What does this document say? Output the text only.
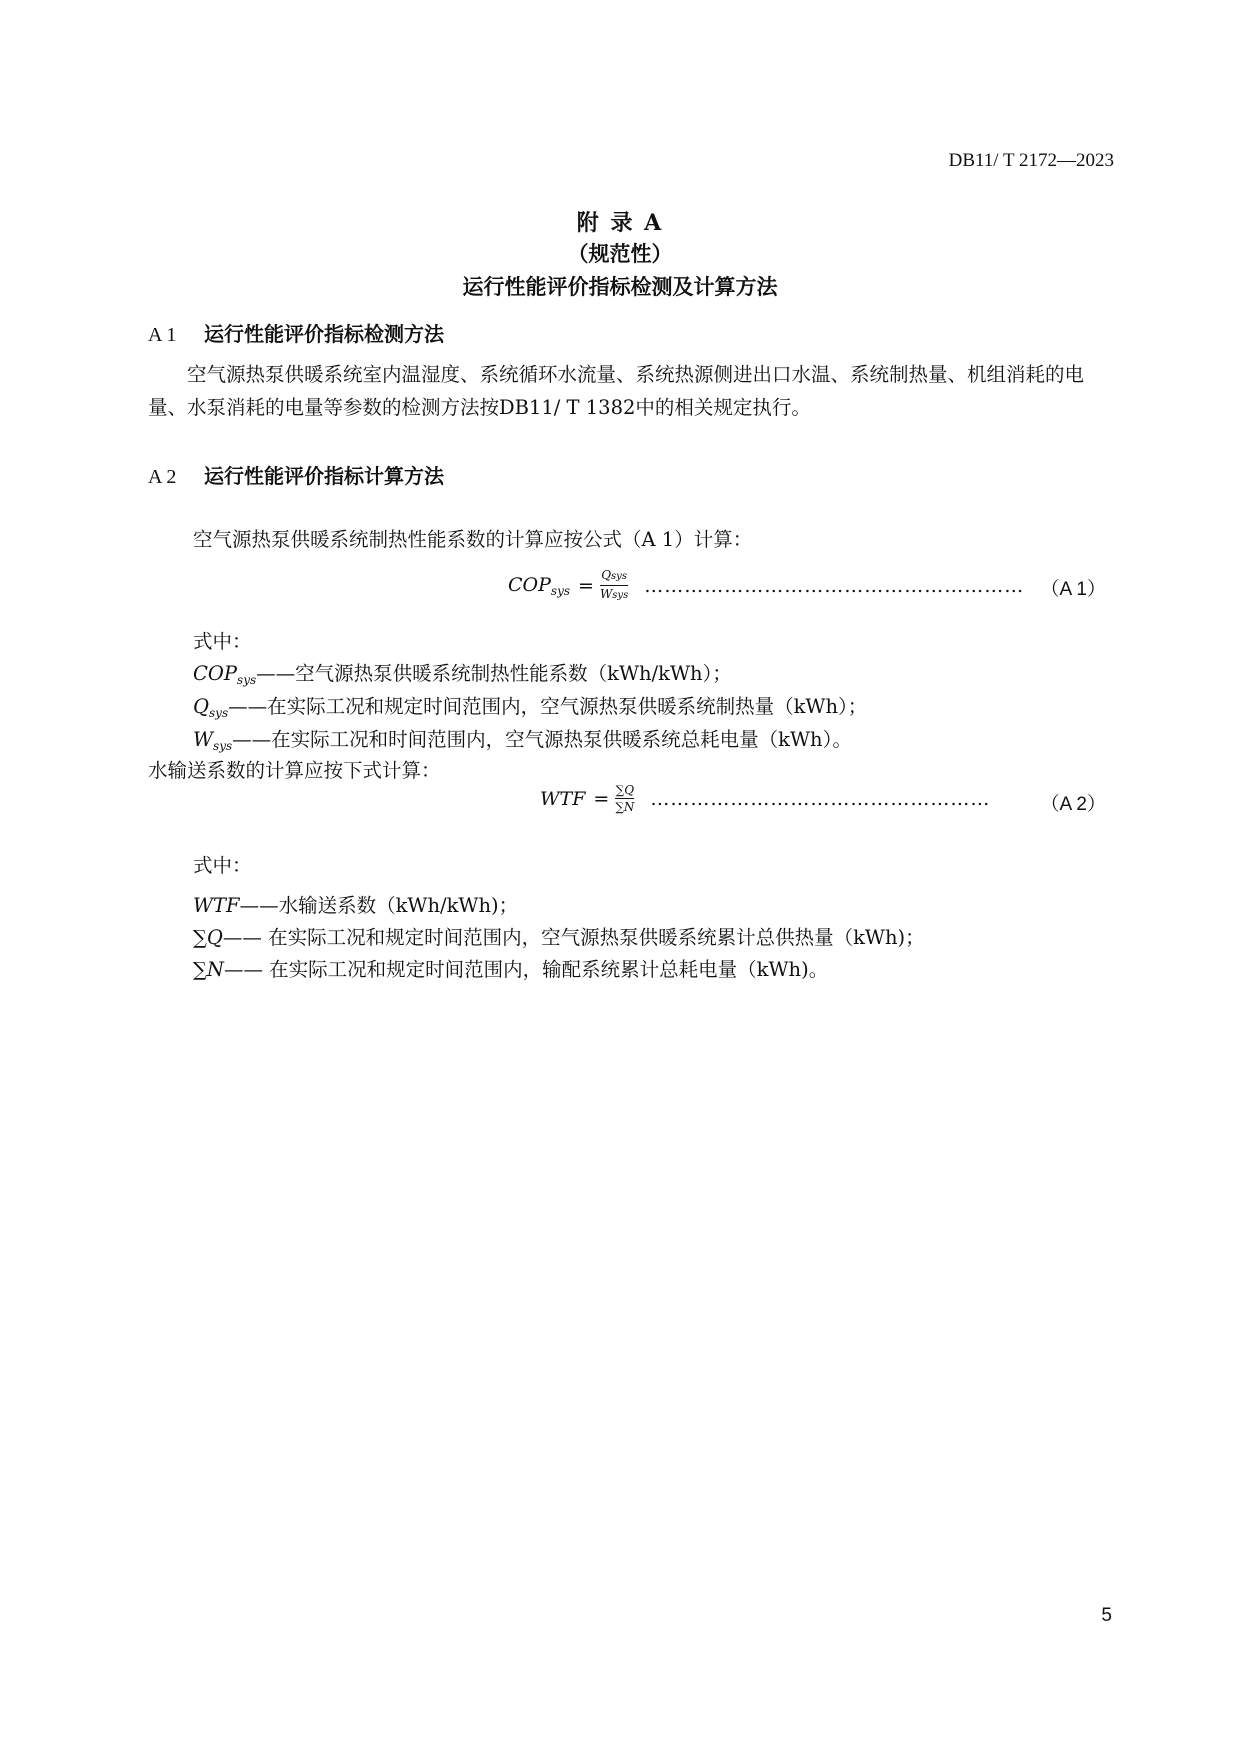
DB11/ T 2172—2023
附 录 A
（规范性）
运行性能评价指标检测及计算方法
A 1 运行性能评价指标检测方法
空气源热泵供暖系统室内温湿度、系统循环水流量、系统热源侧进出口水温、系统制热量、机组消耗的电量、水泵消耗的电量等参数的检测方法按DB11/ T 1382中的相关规定执行。
A 2 运行性能评价指标计算方法
空气源热泵供暖系统制热性能系数的计算应按公式（A 1）计算：
$COP_{sys} = \frac{\text{Qsys}}{\text{Wsys}}$ ………………………………………………… （A 1）
式中：
$COP_{sys}——$空气源热泵供暖系统制热性能系数（kWh/kWh）；
$Q_{sys}——$在实际工况和规定时间范围内，空气源热泵供暖系统制热量（kWh）；
$W_{sys}——$在实际工况和时间范围内，空气源热泵供暖系统总耗电量（kWh）。
水输送系数的计算应按下式计算：
WTF = $\frac{\sum Q}{\sum N}$ ……………………………………………	（A 2）
式中：
WTF——水输送系数（kWh/kWh)；
∑Q—— 在实际工况和规定时间范围内，空气源热泵供暖系统累计总供热量（kWh)；
∑N—— 在实际工况和规定时间范围内，输配系统累计总耗电量（kWh)。
5
